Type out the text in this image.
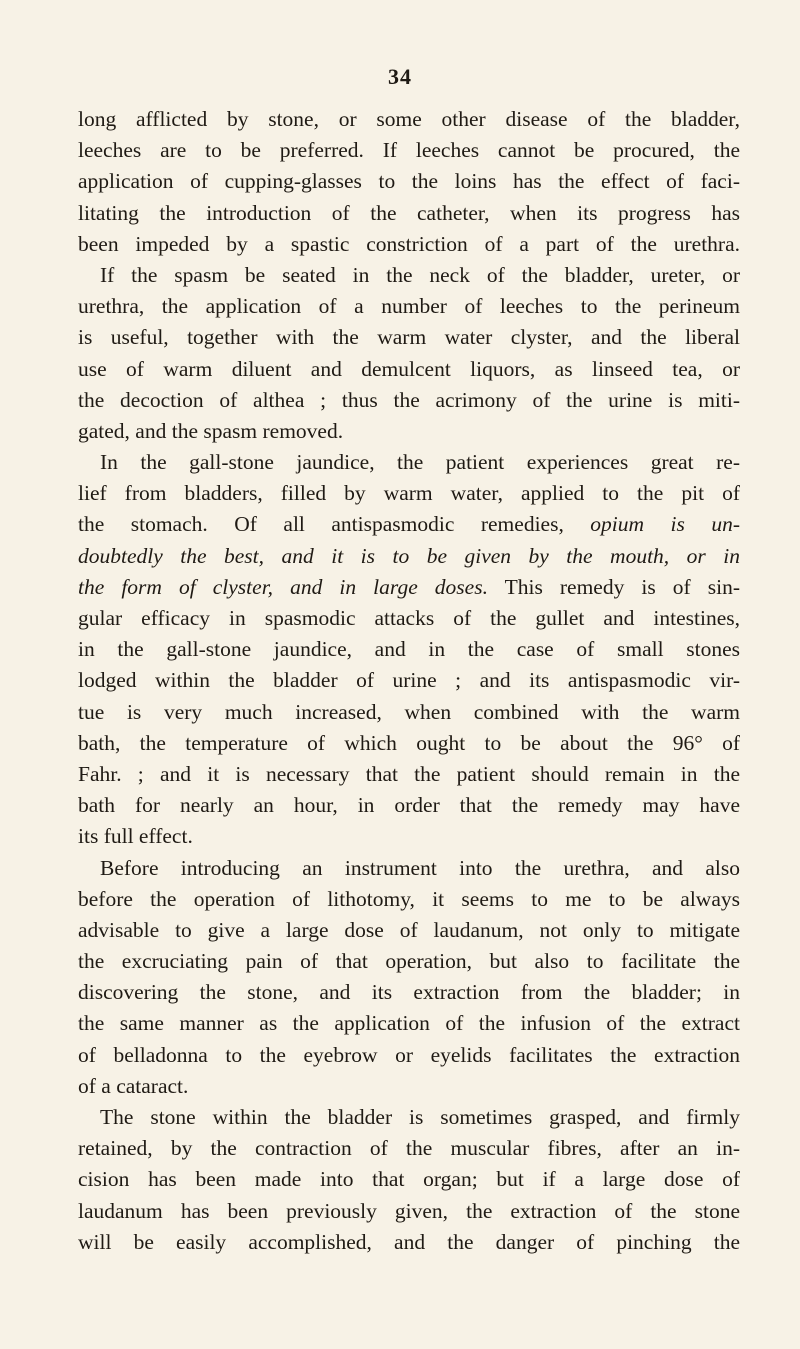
34
long afflicted by stone, or some other disease of the bladder,
leeches are to be preferred. If leeches cannot be procured, the
application of cupping-glasses to the loins has the effect of faci-
litating the introduction of the catheter, when its progress has
been impeded by a spastic constriction of a part of the urethra.
If the spasm be seated in the neck of the bladder, ureter, or
urethra, the application of a number of leeches to the perineum
is useful, together with the warm water clyster, and the liberal
use of warm diluent and demulcent liquors, as linseed tea, or
the decoction of althea ; thus the acrimony of the urine is miti-
gated, and the spasm removed.
In the gall-stone jaundice, the patient experiences great re-
lief from bladders, filled by warm water, applied to the pit of
the stomach. Of all antispasmodic remedies, opium is un-
doubtedly the best, and it is to be given by the mouth, or in
the form of clyster, and in large doses. This remedy is of sin-
gular efficacy in spasmodic attacks of the gullet and intestines,
in the gall-stone jaundice, and in the case of small stones
lodged within the bladder of urine ; and its antispasmodic vir-
tue is very much increased, when combined with the warm
bath, the temperature of which ought to be about the 96° of
Fahr. ; and it is necessary that the patient should remain in the
bath for nearly an hour, in order that the remedy may have
its full effect.
Before introducing an instrument into the urethra, and also
before the operation of lithotomy, it seems to me to be always
advisable to give a large dose of laudanum, not only to mitigate
the excruciating pain of that operation, but also to facilitate the
discovering the stone, and its extraction from the bladder; in
the same manner as the application of the infusion of the extract
of belladonna to the eyebrow or eyelids facilitates the extraction
of a cataract.
The stone within the bladder is sometimes grasped, and firmly
retained, by the contraction of the muscular fibres, after an in-
cision has been made into that organ; but if a large dose of
laudanum has been previously given, the extraction of the stone
will be easily accomplished, and the danger of pinching the
